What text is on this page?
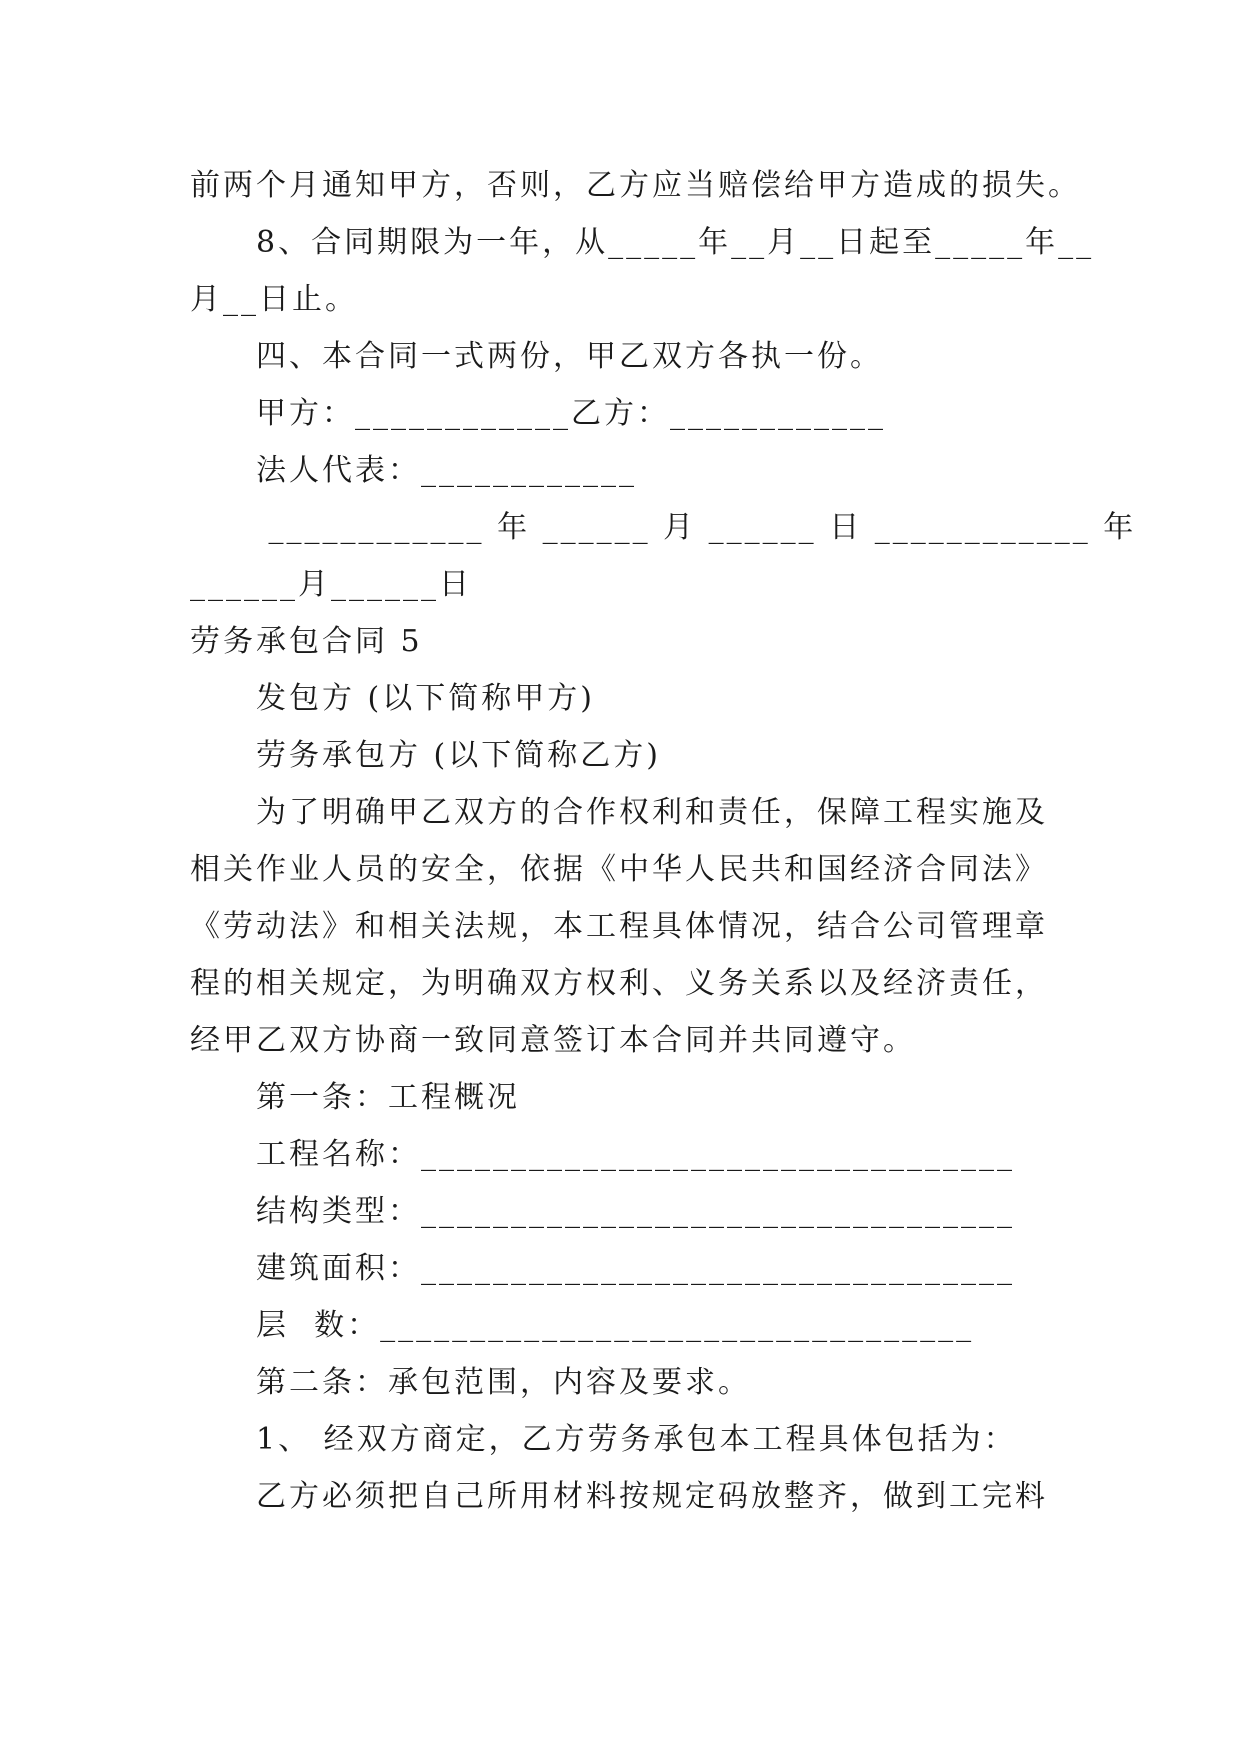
前两个月通知甲方，否则，乙方应当赔偿给甲方造成的损失。
8、合同期限为一年，从_____年__月__日起至_____年__
月__日止。
四、本合同一式两份，甲乙双方各执一份。
甲方：____________乙方：____________
法人代表：____________
____________ 年 ______ 月 ______ 日 ____________ 年
______月______日
劳务承包合同 5
发包方 (以下简称甲方)
劳务承包方 (以下简称乙方)
为了明确甲乙双方的合作权利和责任，保障工程实施及
相关作业人员的安全，依据《中华人民共和国经济合同法》
《劳动法》和相关法规，本工程具体情况，结合公司管理章
程的相关规定，为明确双方权利、义务关系以及经济责任，
经甲乙双方协商一致同意签订本合同并共同遵守。
第一条：工程概况
工程名称：_________________________________
结构类型：_________________________________
建筑面积：_________________________________
层  数：_________________________________
第二条：承包范围，内容及要求。
1、 经双方商定，乙方劳务承包本工程具体包括为：
乙方必须把自己所用材料按规定码放整齐，做到工完料
